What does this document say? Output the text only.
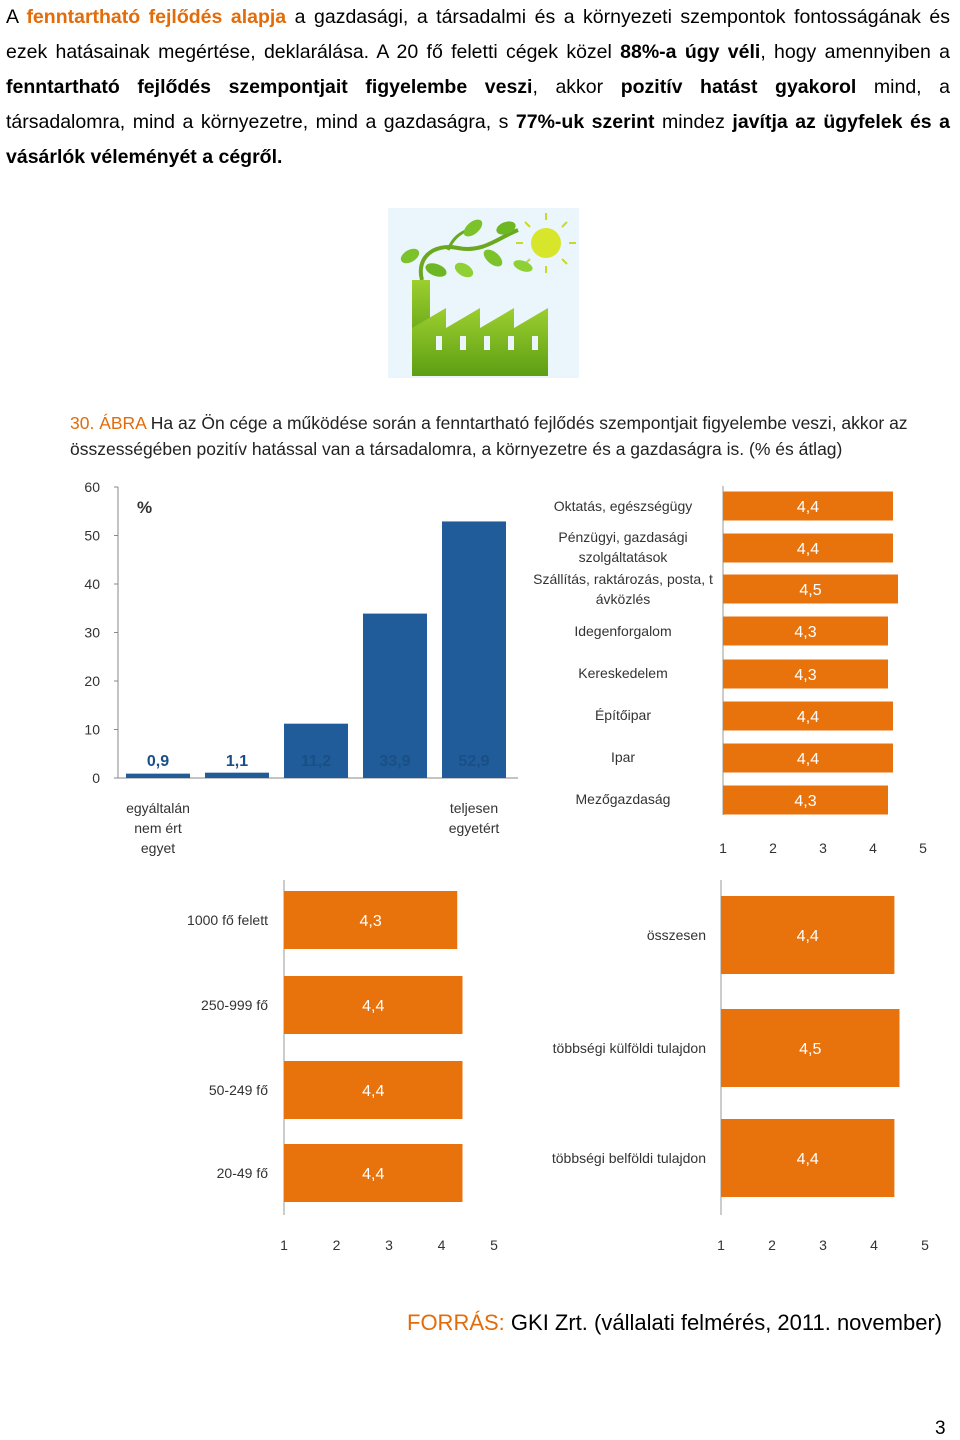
A fenntartható fejlődés alapja a gazdasági, a társadalmi és a környezeti szempontok fontosságának és ezek hatásainak megértése, deklarálása. A 20 fő feletti cégek közel 88%-a úgy véli, hogy amennyiben a fenntartható fejlődés szempontjait figyelembe veszi, akkor pozitív hatást gyakorol mind, a társadalomra, mind a környezetre, mind a gazdaságra, s 77%-uk szerint mindez javítja az ügyfelek és a vásárlók véleményét a cégről.
30. ÁBRA Ha az Ön cége a működése során a fenntartható fejlődés szempontjait figyelembe veszi, akkor az összességében pozitív hatással van a társadalomra, a környezetre és a gazdaságra is. (% és átlag)
0
10
20
30
40
50
60
%
0,9	1,1	11,2	33,9	52,9
egyáltalán
nem ért
egyet
teljesen
egyetért
4,4
Oktatás, egészségügy
4,4
Pénzügyi, gazdasági
szolgáltatások
4,5
Szállítás, raktározás, posta, t
ávközlés
4,3
Idegenforgalom
4,3
Kereskedelem
4,4
Építőipar
4,4
Ipar
4,3
Mezőgazdaság
1	2	3	4	5
4,3
1000 fő felett
4,4
250-999 fő
4,4
50-249 fő
4,4
20-49 fő
1	2	3	4	5
4,4
összesen
4,5
többségi külföldi tulajdon
4,4
többségi belföldi tulajdon
1	2	3	4	5
FORRÁS: GKI Zrt. (vállalati felmérés, 2011. november)
3
